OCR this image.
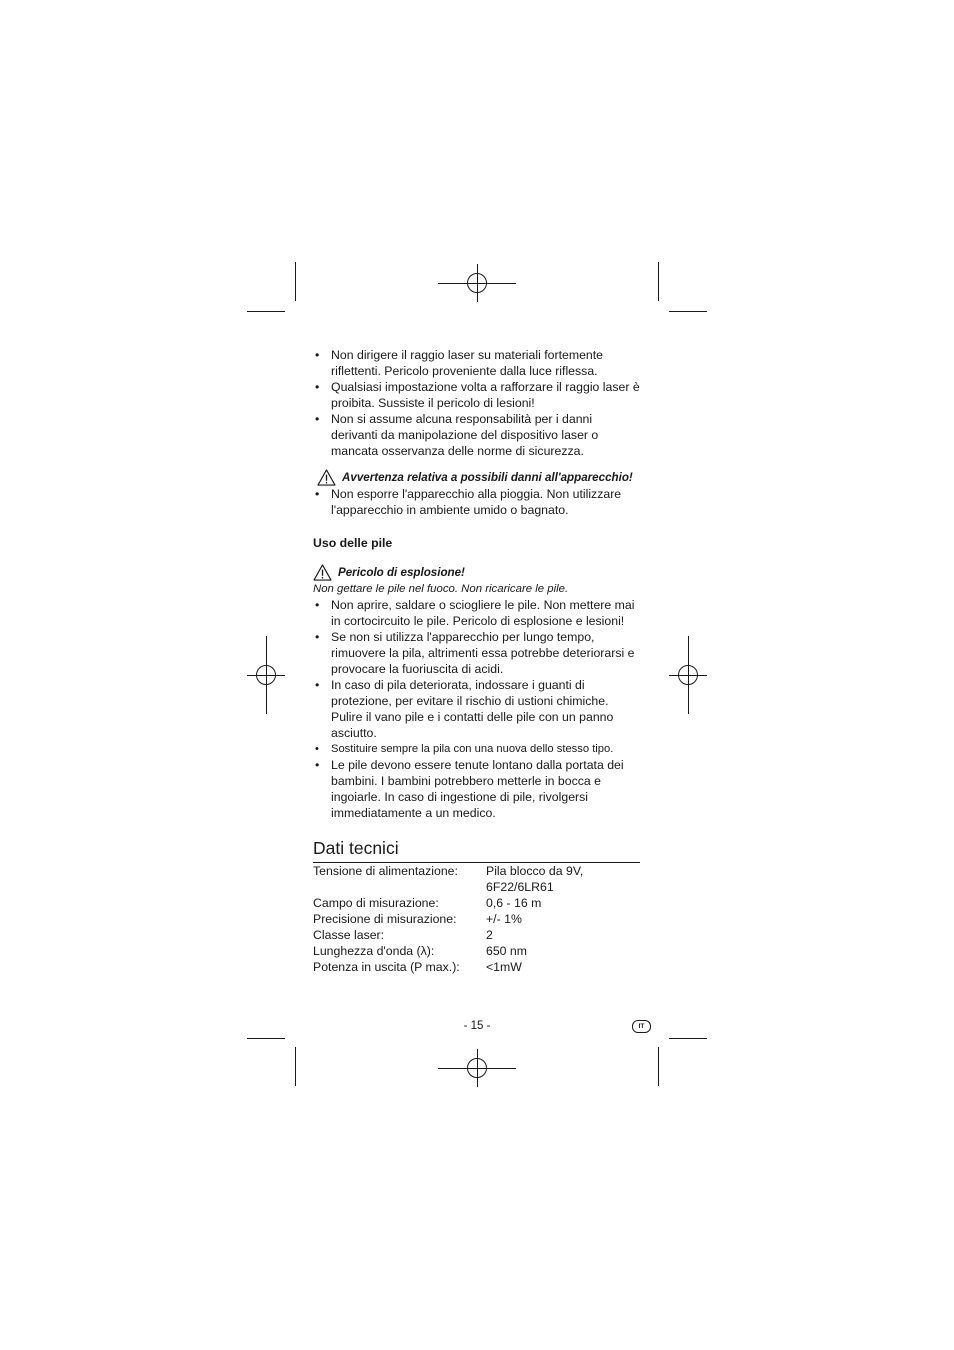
• Non dirigere il raggio laser su materiali fortemente riflettenti. Pericolo proveniente dalla luce riflessa.
• Qualsiasi impostazione volta a rafforzare il raggio laser è proibita. Sussiste il pericolo di lesioni!
• Non si assume alcuna responsabilità per i danni derivanti da manipolazione del dispositivo laser o mancata osservanza delle norme di sicurezza.
Avvertenza relativa a possibili danni all'apparecchio!
• Non esporre l'apparecchio alla pioggia. Non utilizzare l'apparecchio in ambiente umido o bagnato.
Uso delle pile
Pericolo di esplosione!
Non gettare le pile nel fuoco. Non ricaricare le pile.
• Non aprire, saldare o sciogliere le pile. Non mettere mai in cortocircuito le pile. Pericolo di esplosione e lesioni!
• Se non si utilizza l'apparecchio per lungo tempo, rimuovere la pila, altrimenti essa potrebbe deteriorarsi e provocare la fuoriuscita di acidi.
• In caso di pila deteriorata, indossare i guanti di protezione, per evitare il rischio di ustioni chimiche. Pulire il vano pile e i contatti delle pile con un panno asciutto.
• Sostituire sempre la pila con una nuova dello stesso tipo.
• Le pile devono essere tenute lontano dalla portata dei bambini. I bambini potrebbero metterle in bocca e ingoiarle. In caso di ingestione di pile, rivolgersi immediatamente a un medico.
Dati tecnici
Tensione di alimentazione:	Pila blocco da 9V,
	6F22/6LR61
Campo di misurazione:	0,6 - 16 m
Precisione di misurazione:	+/- 1%
Classe laser:	2
Lunghezza d'onda (λ):	650 nm
Potenza in uscita (P max.):	<1mW
- 15 -	IT
